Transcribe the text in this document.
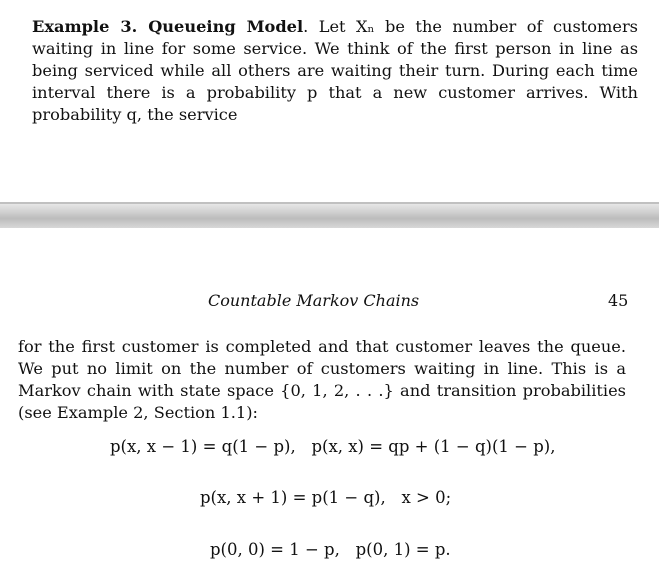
Example 3. Queueing Model. Let Xₙ be the number of customers waiting in line for some service. We think of the first person in line as being serviced while all others are waiting their turn. During each time interval there is a probability p that a new customer arrives. With probability q, the service

Countable Markov Chains	45

for the first customer is completed and that customer leaves the queue. We put no limit on the number of customers waiting in line. This is a Markov chain with state space {0, 1, 2, . . .} and transition probabilities (see Example 2, Section 1.1):

p(x, x − 1) = q(1 − p),   p(x, x) = qp + (1 − q)(1 − p),
p(x, x + 1) = p(1 − q),   x > 0;
p(0, 0) = 1 − p,   p(0, 1) = p.
